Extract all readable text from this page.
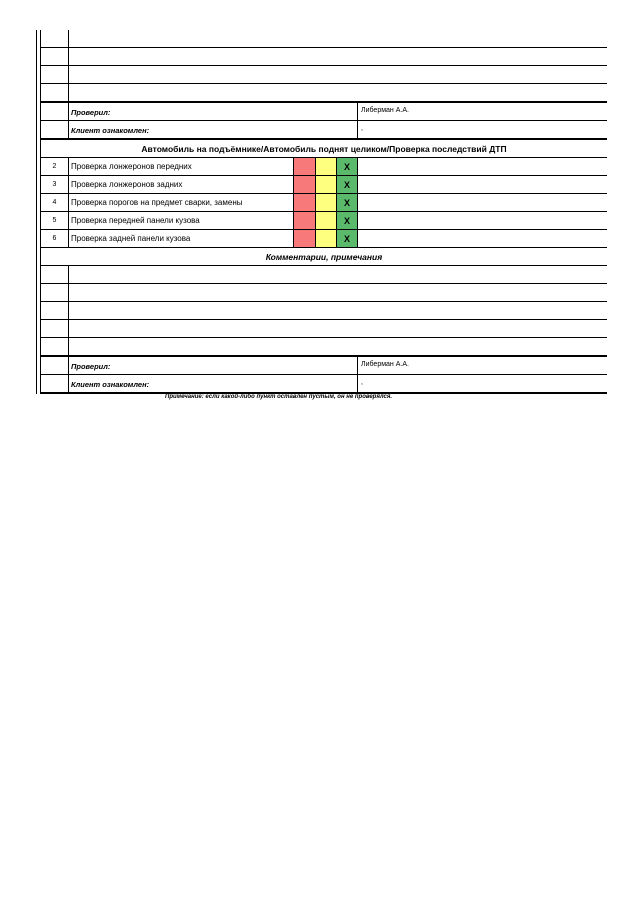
Проверил:	Либерман А.А.
Клиент ознакомлен:	,
Автомобиль на подъёмнике/Автомобиль поднят целиком/Проверка последствий ДТП
2	Проверка лонжеронов передних	X
3	Проверка лонжеронов задних	X
4	Проверка порогов на предмет сварки, замены	X
5	Проверка передней панели кузова	X
6	Проверка задней панели кузова	X
Комментарии, примечания
Проверил:	Либерман А.А.
Клиент ознакомлен:	,
Примечание: если какой-либо пункт оставлен пустым, он не проверялся.
